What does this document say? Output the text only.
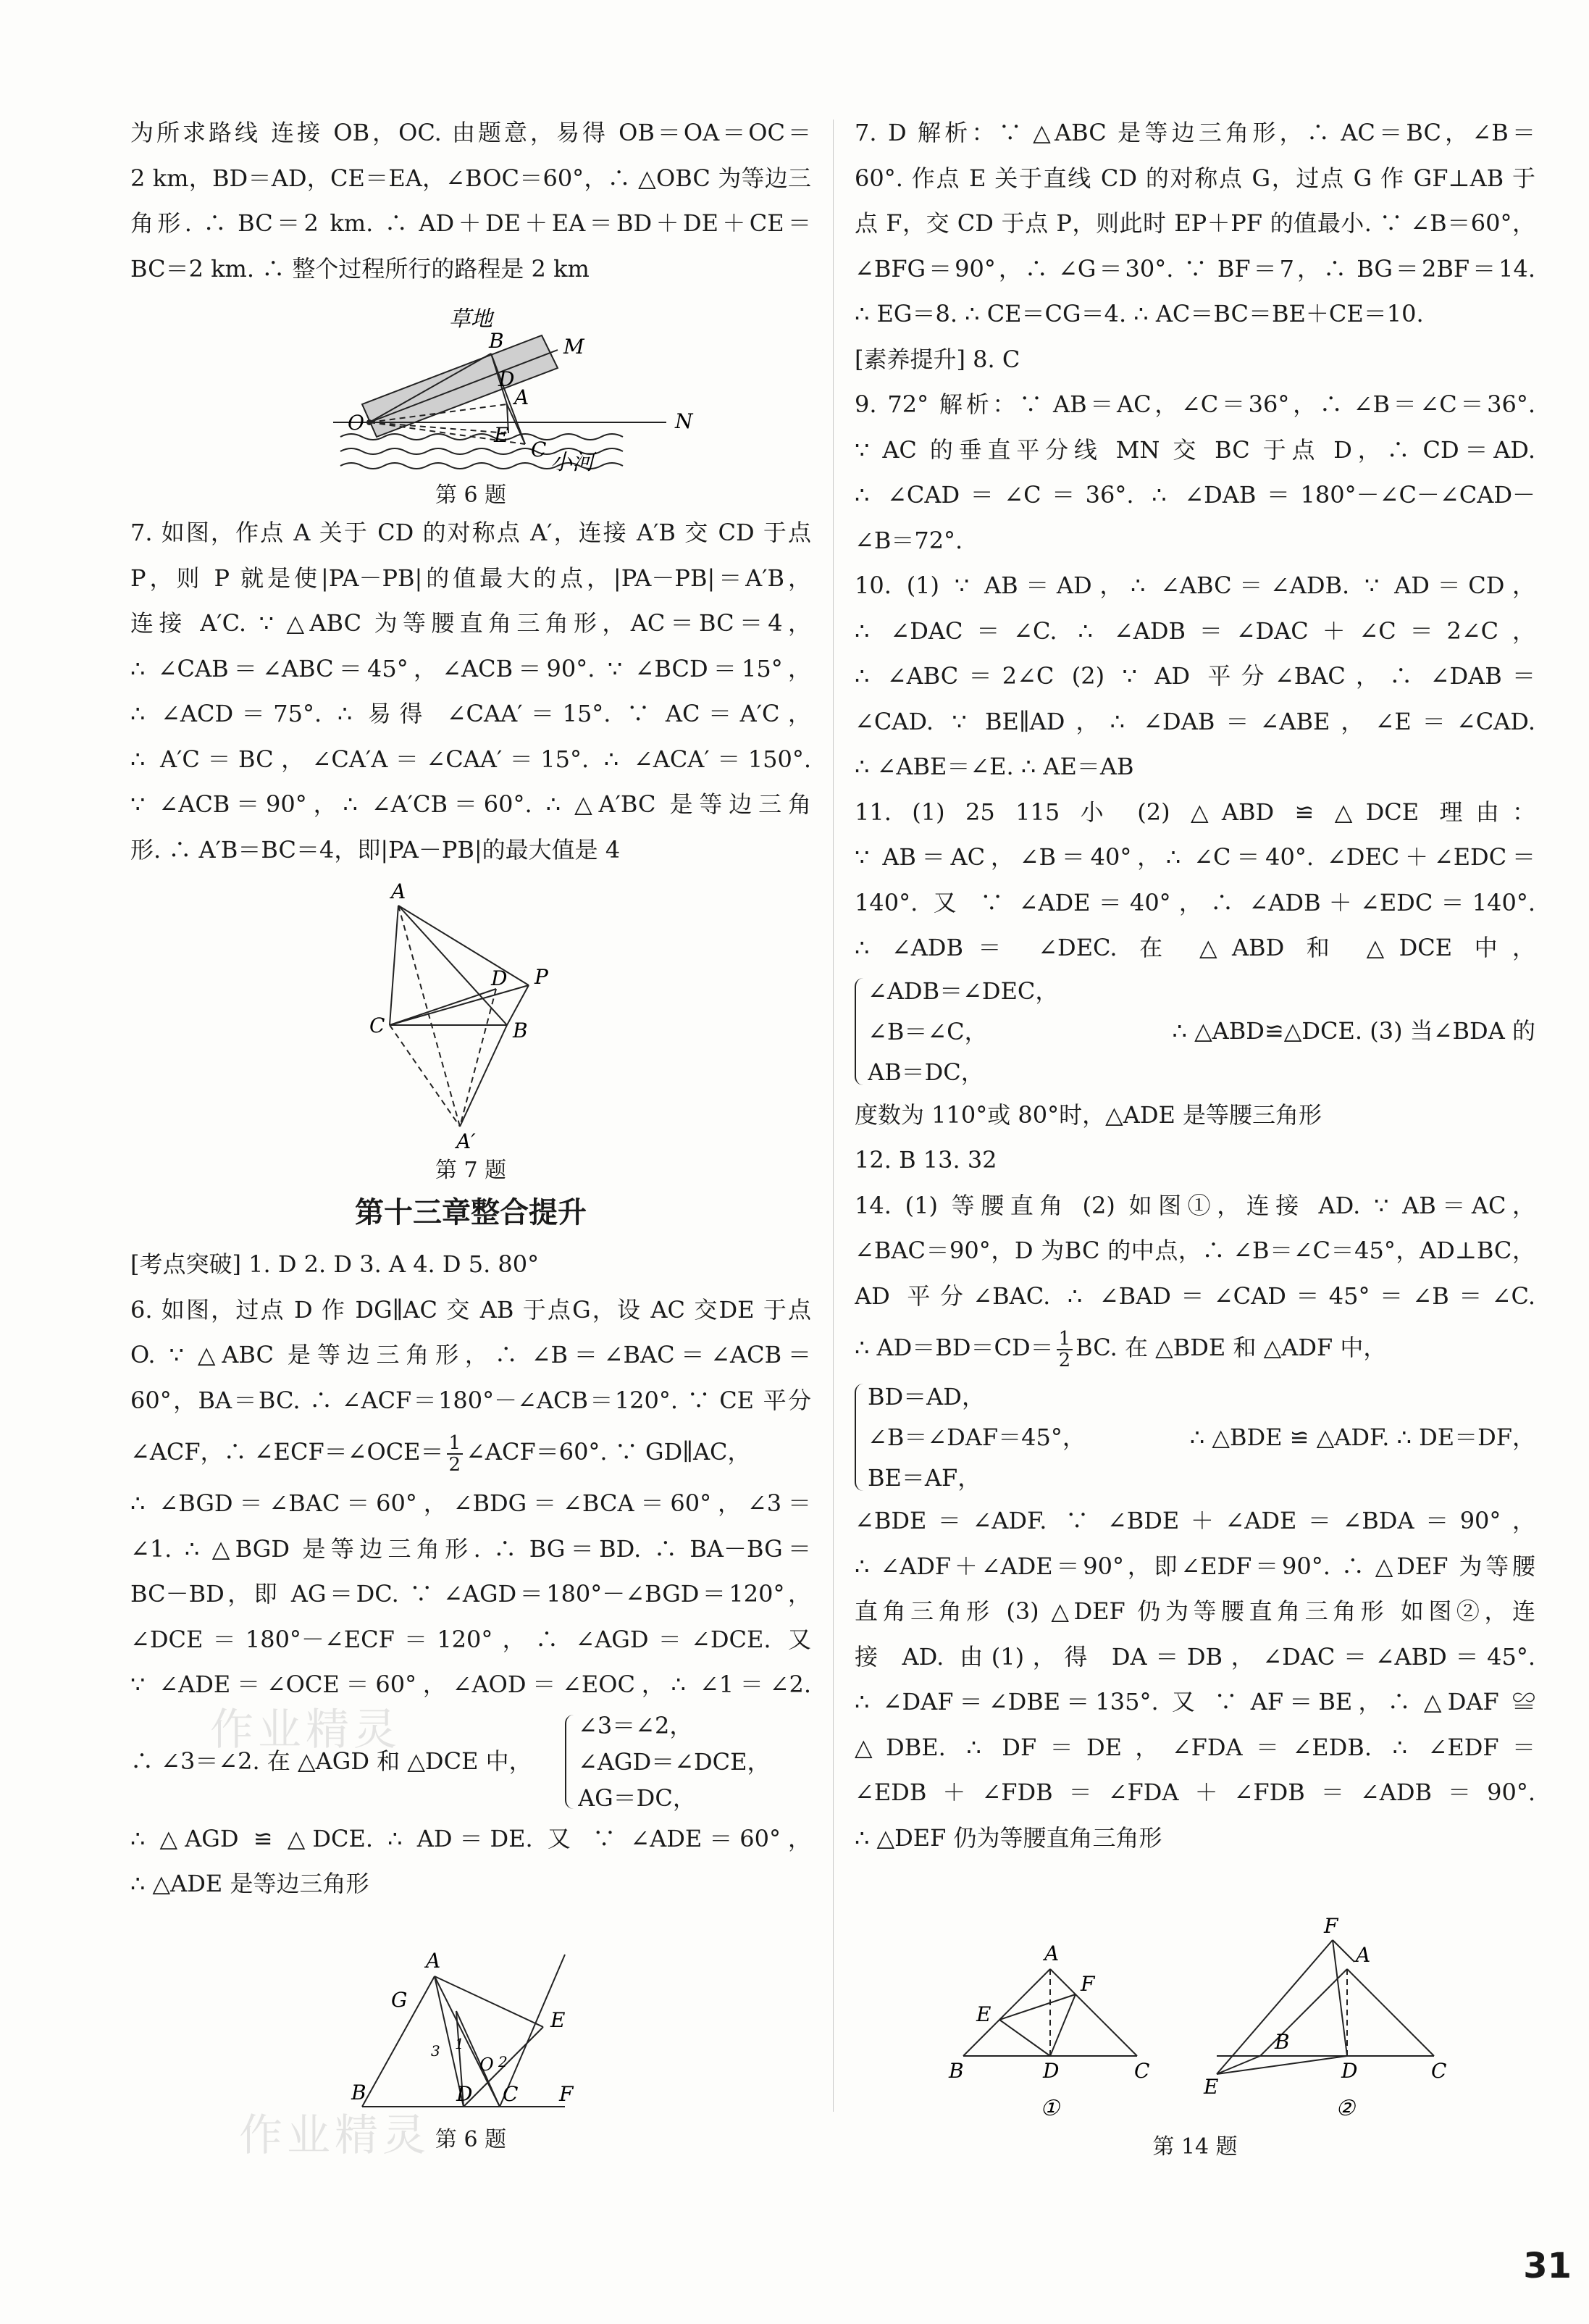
为所求路线 连接 OB，OC. 由题意，易得 OB＝OA＝OC＝

2 km，BD＝AD，CE＝EA，∠BOC＝60°，∴ △OBC 为等边三

角形. ∴ BC＝2 km. ∴ AD＋DE＋EA＝BD＋DE＋CE＝

BC＝2 km. ∴ 整个过程所行的路程是 2 km

草地
B	M
D
A
O	N
E
C
小河
第 6 题

7. 如图，作点 A 关于 CD 的对称点 A′，连接 A′B 交 CD 于点

P，则 P 就是使|PA－PB|的值最大的点，|PA－PB|＝A′B，

连接 A′C. ∵ △ABC 为等腰直角三角形，AC＝BC＝4，

∴ ∠CAB＝∠ABC＝45°，∠ACB＝90°. ∵ ∠BCD＝15°，

∴ ∠ACD＝75°. ∴ 易得 ∠CAA′＝15°. ∵ AC＝A′C，

∴ A′C＝BC，∠CA′A＝∠CAA′＝15°. ∴ ∠ACA′＝150°.

∵ ∠ACB＝90°，∴ ∠A′CB＝60°. ∴ △A′BC 是等边三角

形. ∴ A′B＝BC＝4，即|PA－PB|的最大值是 4

A
D P
C	B
A′
第 7 题
第十三章整合提升

[考点突破] 1. D 2. D 3. A 4. D 5. 80°

6. 如图，过点 D 作 DG∥AC 交 AB 于点G，设 AC 交DE 于点

O. ∵ △ABC 是等边三角形，∴ ∠B＝∠BAC＝∠ACB＝

60°，BA＝BC. ∴ ∠ACF＝180°－∠ACB＝120°. ∵ CE 平分

∠ACF，∴ ∠ECF＝∠OCE＝ $\frac{1}{2}$ ∠ACF＝60°. ∵ GD∥AC，

∴ ∠BGD＝∠BAC＝60°，∠BDG＝∠BCA＝60°，∠3＝

∠1. ∴ △BGD 是等边三角形. ∴ BG＝BD. ∴ BA－BG＝

BC－BD，即 AG＝DC. ∵ ∠AGD＝180°－∠BGD＝120°，

∠DCE＝180°－∠ECF＝120°，∴ ∠AGD＝∠DCE. 又

∵ ∠ADE＝∠OCE＝60°，∠AOD＝∠EOC，∴ ∠1＝∠2.

∴ ∠3＝∠2. 在 △AGD 和 △DCE 中，
∠3＝∠2，
∠AGD＝∠DCE，
AG＝DC，

∴ △AGD ≌ △DCE. ∴ AD＝DE. 又 ∵ ∠ADE＝60°，

∴ △ADE 是等边三角形

A
G
E
3 1
2
O
B	D C F
第 6 题

7. D 解析：∵ △ABC 是等边三角形，∴ AC＝BC，∠B＝

60°. 作点 E 关于直线 CD 的对称点 G，过点 G 作 GF⊥AB 于

点 F，交 CD 于点 P，则此时 EP＋PF 的值最小. ∵ ∠B＝60°，

∠BFG＝90°，∴ ∠G＝30°. ∵ BF＝7，∴ BG＝2BF＝14.

∴ EG＝8. ∴ CE＝CG＝4. ∴ AC＝BC＝BE＋CE＝10.

[素养提升] 8. C

9. 72° 解析：∵ AB＝AC，∠C＝36°，∴ ∠B＝∠C＝36°.

∵ AC 的垂直平分线 MN 交 BC 于点 D，∴ CD＝AD.

∴ ∠CAD＝∠C＝36°. ∴ ∠DAB＝180°－∠C－∠CAD－

∠B＝72°.

10. (1) ∵ AB＝AD，∴ ∠ABC＝∠ADB. ∵ AD＝CD，

∴ ∠DAC＝∠C. ∴ ∠ADB＝∠DAC＋∠C＝2∠C，

∴ ∠ABC＝2∠C (2) ∵ AD 平分∠BAC，∴ ∠DAB＝

∠CAD. ∵ BE∥AD，∴ ∠DAB＝∠ABE，∠E＝∠CAD.

∴ ∠ABE＝∠E. ∴ AE＝AB

11. (1) 25 115 小 (2) △ABD ≌ △DCE 理由：

∵ AB＝AC，∠B＝40°，∴ ∠C＝40°. ∠DEC＋∠EDC＝

140°. 又 ∵ ∠ADE＝40°，∴ ∠ADB＋∠EDC＝140°.

∴ ∠ADB＝ ∠DEC. 在 △ABD 和 △DCE 中，

∠ADB＝∠DEC，
∠B＝∠C，
AB＝DC，
∴ △ABD≌△DCE. (3) 当∠BDA 的

度数为 110°或 80°时，△ADE 是等腰三角形

12. B 13. 32

14. (1) 等腰直角 (2) 如图①，连接 AD. ∵ AB＝AC，

∠BAC＝90°，D 为BC 的中点，∴ ∠B＝∠C＝45°，AD⊥BC，

AD 平分∠BAC. ∴ ∠BAD＝∠CAD＝45°＝∠B＝∠C.

∴ $AD=BD=CD= \frac{1}{2}$ BC. 在 △BDE 和 △ADF 中，

BD＝AD，
∠B＝∠DAF＝45°，
BE＝AF，
∴ △BDE ≌ △ADF. ∴ DE＝DF，

∠BDE＝∠ADF. ∵ ∠BDE＋∠ADE＝∠BDA＝90°，

∴ ∠ADF＋∠ADE＝90°，即∠EDF＝90°. ∴ △DEF 为等腰

直角三角形 (3) △DEF 仍为等腰直角三角形 如图②，连

接 AD. 由(1)，得 DA＝DB，∠DAC＝∠ABD＝45°.

∴ ∠DAF＝∠DBE＝135°. 又 ∵ AF＝BE，∴ △DAF ≌

△DBE. ∴ DF＝DE，∠FDA＝∠EDB. ∴ ∠EDF＝

∠EDB＋∠FDB＝∠FDA＋∠FDB＝∠ADB＝90°.

∴ △DEF 仍为等腰直角三角形

A
E
F
B	D	C
①
F
A
B
E
D	C
②
第 14 题
作业精灵
作业精灵
31
